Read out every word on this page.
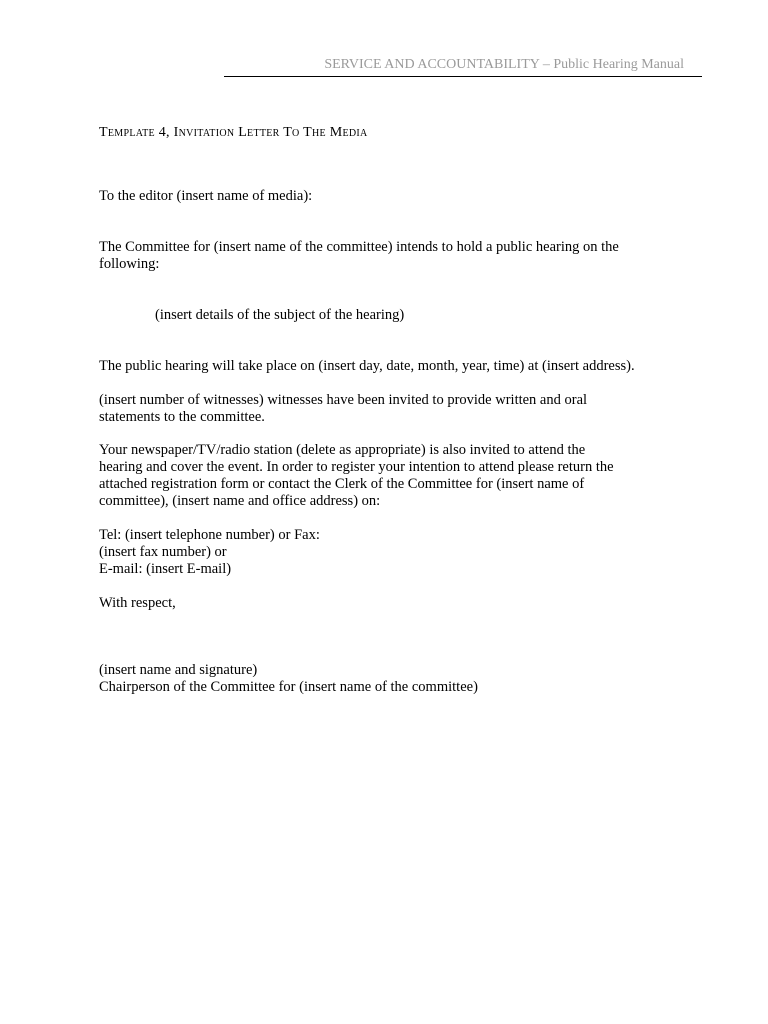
SERVICE AND ACCOUNTABILITY – Public Hearing Manual
Template 4, Invitation Letter To The Media
To the editor (insert name of media):
The Committee for (insert name of the committee) intends to hold a public hearing on the
following:
(insert details of the subject of the hearing)
The public hearing will take place on (insert day, date, month, year, time) at (insert address).
(insert number of witnesses) witnesses have been invited to provide written and oral
statements to the committee.
Your newspaper/TV/radio station (delete as appropriate) is also invited to attend the
hearing and cover the event. In order to register your intention to attend please return the
attached registration form or contact the Clerk of the Committee for (insert name of
committee), (insert name and office address) on:
Tel: (insert telephone number) or Fax:
(insert fax number) or
E-mail: (insert E-mail)
With respect,
(insert name and signature)
Chairperson of the Committee for (insert name of the committee)
